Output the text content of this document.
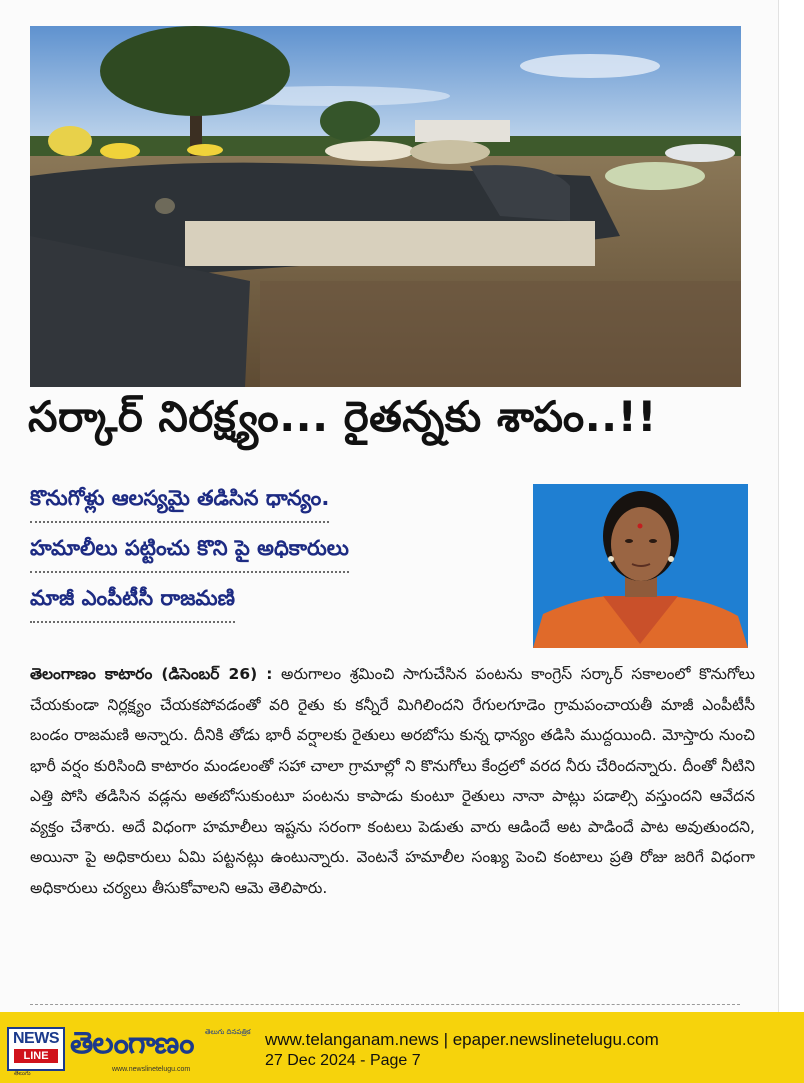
సర్కార్ నిరక్ష్యం... రైతన్నకు శాపం..!!
కొనుగోళ్లు ఆలస్యమై తడిసిన ధాన్యం.
హమాలీలు పట్టించు కొని పై అధికారులు
మాజీ ఎంపీటీసీ రాజమణి
తెలంగాణం కాటారం (డిసెంబర్ 26) : అరుగాలం శ్రమించి సాగుచేసిన పంటను కాంగ్రెస్ సర్కార్ సకాలంలో కొనుగోలు చేయకుండా నిర్లక్ష్యం చేయకపోవడంతో వరి రైతు కు కన్నీరే మిగిలిందని రేగులగూడెం గ్రామపంచాయతీ మాజీ ఎంపీటీసీ బండం రాజమణి అన్నారు. దీనికి తోడు భారీ వర్షాలకు రైతులు అరబోసు కున్న ధాన్యం తడిసి ముద్దయింది. మోస్తారు నుంచి భారీ వర్షం కురిసింది కాటారం మండలంతో సహా చాలా గ్రామాల్లో ని కొనుగోలు కేంద్రలో వరద నీరు చేరిందన్నారు. దీంతో నీటిని ఎత్తి పోసి తడిసిన వడ్లను అతబోసుకుంటూ పంటను కాపాడు కుంటూ రైతులు నానా పాట్లు పడాల్సి వస్తుందని ఆవేదన వ్యక్తం చేశారు. అదే విధంగా హమాలీలు ఇష్టను సరంగా కంటలు పెడుతు వారు ఆడిందే అట పాడిందే పాట అవుతుందని, అయినా పై అధికారులు ఏమి పట్టనట్లు ఉంటున్నారు. వెంటనే హమాలీల సంఖ్య పెంచి కంటాలు ప్రతి రోజు జరిగే విధంగా అధికారులు చర్యలు తీసుకోవాలని ఆమె తెలిపారు.
NEWS
LINE
తెలుగు
తెలంగాణం తెలుగు దినపత్రిక
www.newslinetelugu.com
www.telanganam.news | epaper.newslinetelugu.com
27 Dec 2024 - Page 7
